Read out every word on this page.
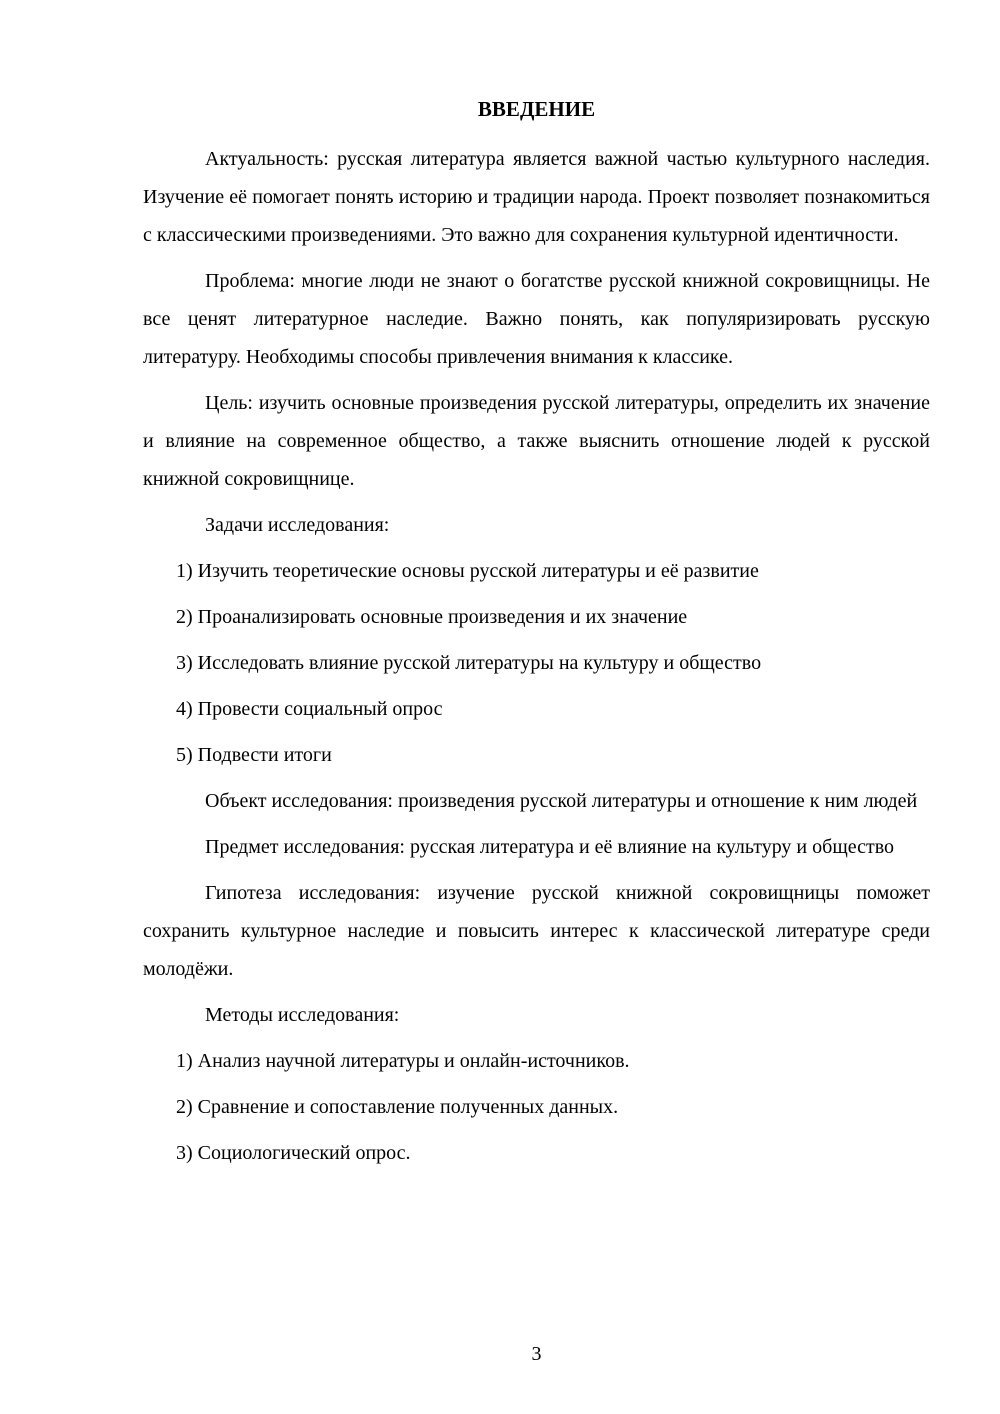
ВВЕДЕНИЕ

Актуальность: русская литература является важной частью культурного наследия. Изучение её помогает понять историю и традиции народа. Проект позволяет познакомиться с классическими произведениями. Это важно для сохранения культурной идентичности.

Проблема: многие люди не знают о богатстве русской книжной сокровищницы. Не все ценят литературное наследие. Важно понять, как популяризировать русскую литературу. Необходимы способы привлечения внимания к классике.

Цель: изучить основные произведения русской литературы, определить их значение и влияние на современное общество, а также выяснить отношение людей к русской книжной сокровищнице.

Задачи исследования:

1) Изучить теоретические основы русской литературы и её развитие

2) Проанализировать основные произведения и их значение

3) Исследовать влияние русской литературы на культуру и общество

4) Провести социальный опрос

5) Подвести итоги

Объект исследования: произведения русской литературы и отношение к ним людей

Предмет исследования: русская литература и её влияние на культуру и общество

Гипотеза исследования: изучение русской книжной сокровищницы поможет сохранить культурное наследие и повысить интерес к классической литературе среди молодёжи.

Методы исследования:

1) Анализ научной литературы и онлайн-источников.

2) Сравнение и сопоставление полученных данных.

3) Социологический опрос.

3
